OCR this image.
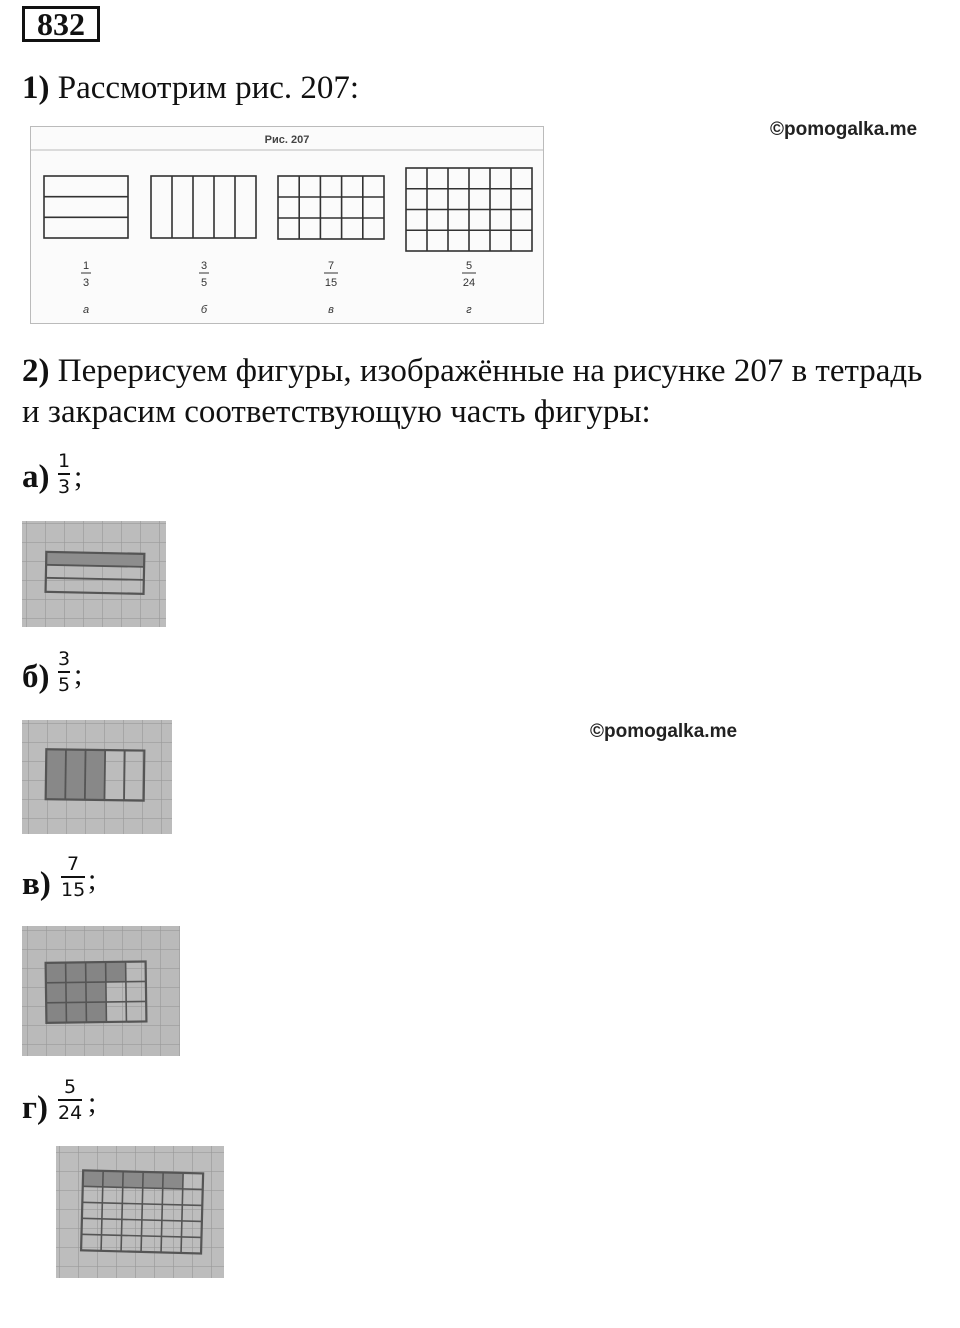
832
1) Рассмотрим рис. 207:
©pomogalka.me
Рис. 207
1
3
а
3
5
б
7
15
в
5
24
г
2) Перерисуем фигуры, изображённые на рисунке 207 в тетрадь
и закрасим соответствующую часть фигуры:
а) 1
3 ;
б) 3
5 ;
©pomogalka.me
в)
7
15 ;
г)
5
24 ;
